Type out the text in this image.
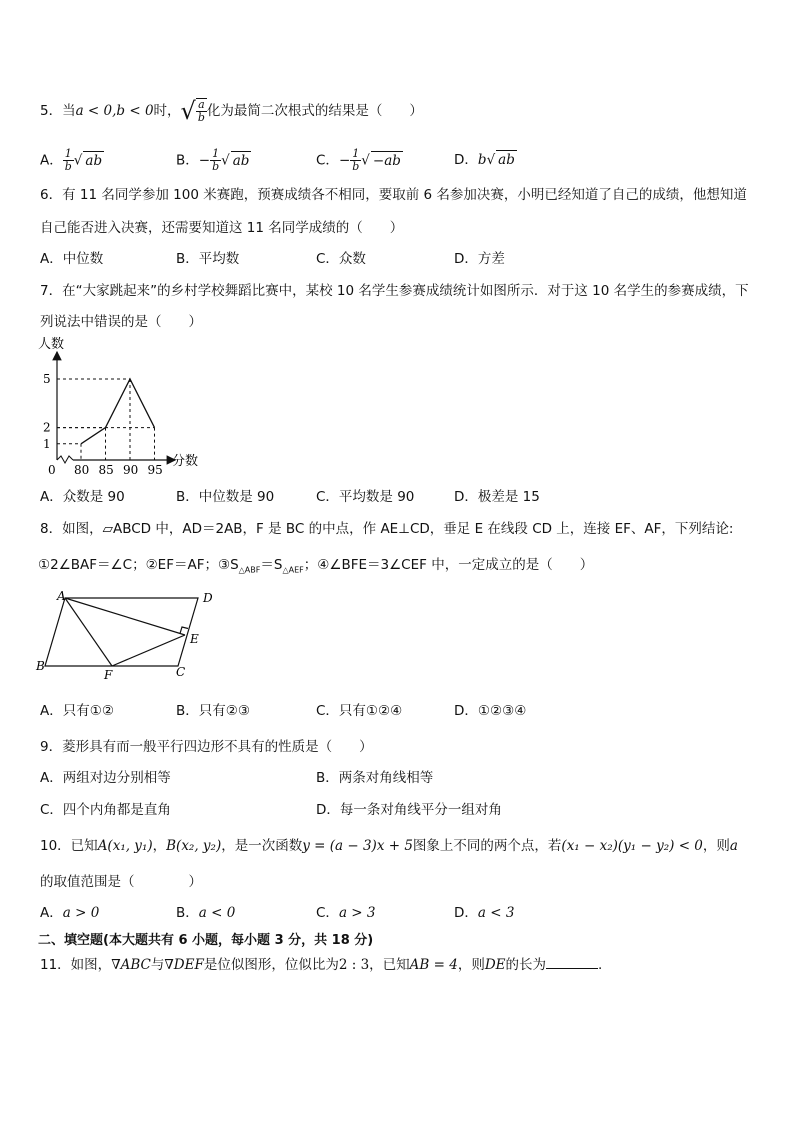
5．当a < 0,b < 0时，√ $\frac{a}{b}$ 化为最简二次根式的结果是（　　）
A． $\frac{1}{b}$ √ ab	B．− $\frac{1}{b}$ √ ab	C．− $\frac{1}{b}$ √ −ab	D．b√ ab
6．有 11 名同学参加 100 米赛跑，预赛成绩各不相同，要取前 6 名参加决赛，小明已经知道了自己的成绩，他想知道
自己能否进入决赛，还需要知道这 11 名同学成绩的（　　）
A．中位数	B．平均数	C．众数	D．方差
7．在“大家跳起来”的乡村学校舞蹈比赛中，某校 10 名学生参赛成绩统计如图所示．对于这 10 名学生的参赛成绩，下
列说法中错误的是（　　）
人数
分数
0 80 85 90 95
1
2
5
A．众数是 90	B．中位数是 90	C．平均数是 90	D．极差是 15
8．如图，▱ABCD 中，AD＝2AB，F 是 BC 的中点，作 AE⊥CD，垂足 E 在线段 CD 上，连接 EF、AF，下列结论:
①2∠BAF＝∠C；②EF＝AF；$③S_{\triangle ABF}=S_{\triangle AEF}$；④∠BFE＝3∠CEF 中，一定成立的是（　　）
A	D
E
B
F	C
A．只有①②	B．只有②③	C．只有①②④	D．①②③④
9．菱形具有而一般平行四边形不具有的性质是（　　）
A．两组对边分别相等	B．两条对角线相等
C．四个内角都是直角	D．每一条对角线平分一组对角
10．已知A(x₁, y₁)，B(x₂, y₂)，是一次函数y = (a − 3)x + 5图象上不同的两个点，若(x₁ − x₂)(y₁ − y₂) < 0，则a
的取值范围是（　　　　）
A．a > 0	B．a < 0	C．a > 3	D．a < 3
二、填空题(本大题共有 6 小题，每小题 3 分，共 18 分)
11．如图，∇ABC与∇DEF是位似图形，位似比为2 : 3，已知AB = 4，则DE的长为	.
